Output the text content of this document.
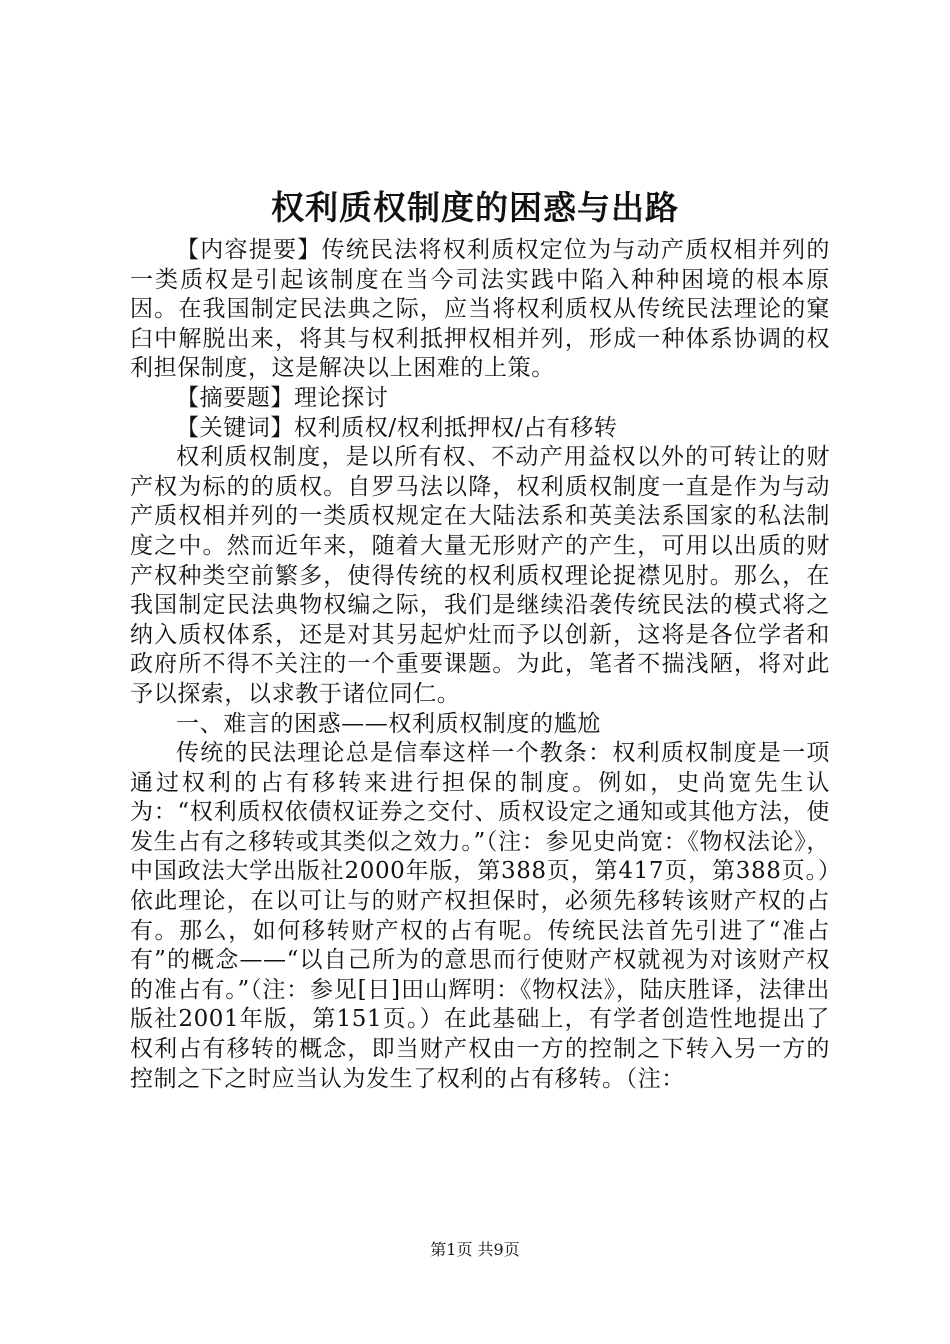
权利质权制度的困惑与出路

【内容提要】传统民法将权利质权定位为与动产质权相并列的一类质权是引起该制度在当今司法实践中陷入种种困境的根本原因。在我国制定民法典之际，应当将权利质权从传统民法理论的窠臼中解脱出来，将其与权利抵押权相并列，形成一种体系协调的权利担保制度，这是解决以上困难的上策。

【摘要题】理论探讨

【关键词】权利质权/权利抵押权/占有移转

权利质权制度，是以所有权、不动产用益权以外的可转让的财产权为标的的质权。自罗马法以降，权利质权制度一直是作为与动产质权相并列的一类质权规定在大陆法系和英美法系国家的私法制度之中。然而近年来，随着大量无形财产的产生，可用以出质的财产权种类空前繁多，使得传统的权利质权理论捉襟见肘。那么，在我国制定民法典物权编之际，我们是继续沿袭传统民法的模式将之纳入质权体系，还是对其另起炉灶而予以创新，这将是各位学者和政府所不得不关注的一个重要课题。为此，笔者不揣浅陋，将对此予以探索，以求教于诸位同仁。

一、难言的困惑——权利质权制度的尴尬

传统的民法理论总是信奉这样一个教条：权利质权制度是一项通过权利的占有移转来进行担保的制度。例如，史尚宽先生认为：“权利质权依债权证券之交付、质权设定之通知或其他方法，使发生占有之移转或其类似之效力。”（注：参见史尚宽：《物权法论》，中国政法大学出版社2000年版，第388页，第417页，第388页。）依此理论，在以可让与的财产权担保时，必须先移转该财产权的占有。那么，如何移转财产权的占有呢。传统民法首先引进了“准占有”的概念——“以自己所为的意思而行使财产权就视为对该财产权的准占有。”（注：参见[日]田山辉明：《物权法》，陆庆胜译，法律出版社2001年版，第151页。）在此基础上，有学者创造性地提出了权利占有移转的概念，即当财产权由一方的控制之下转入另一方的控制之下之时应当认为发生了权利的占有移转。（注：

第1页 共9页
